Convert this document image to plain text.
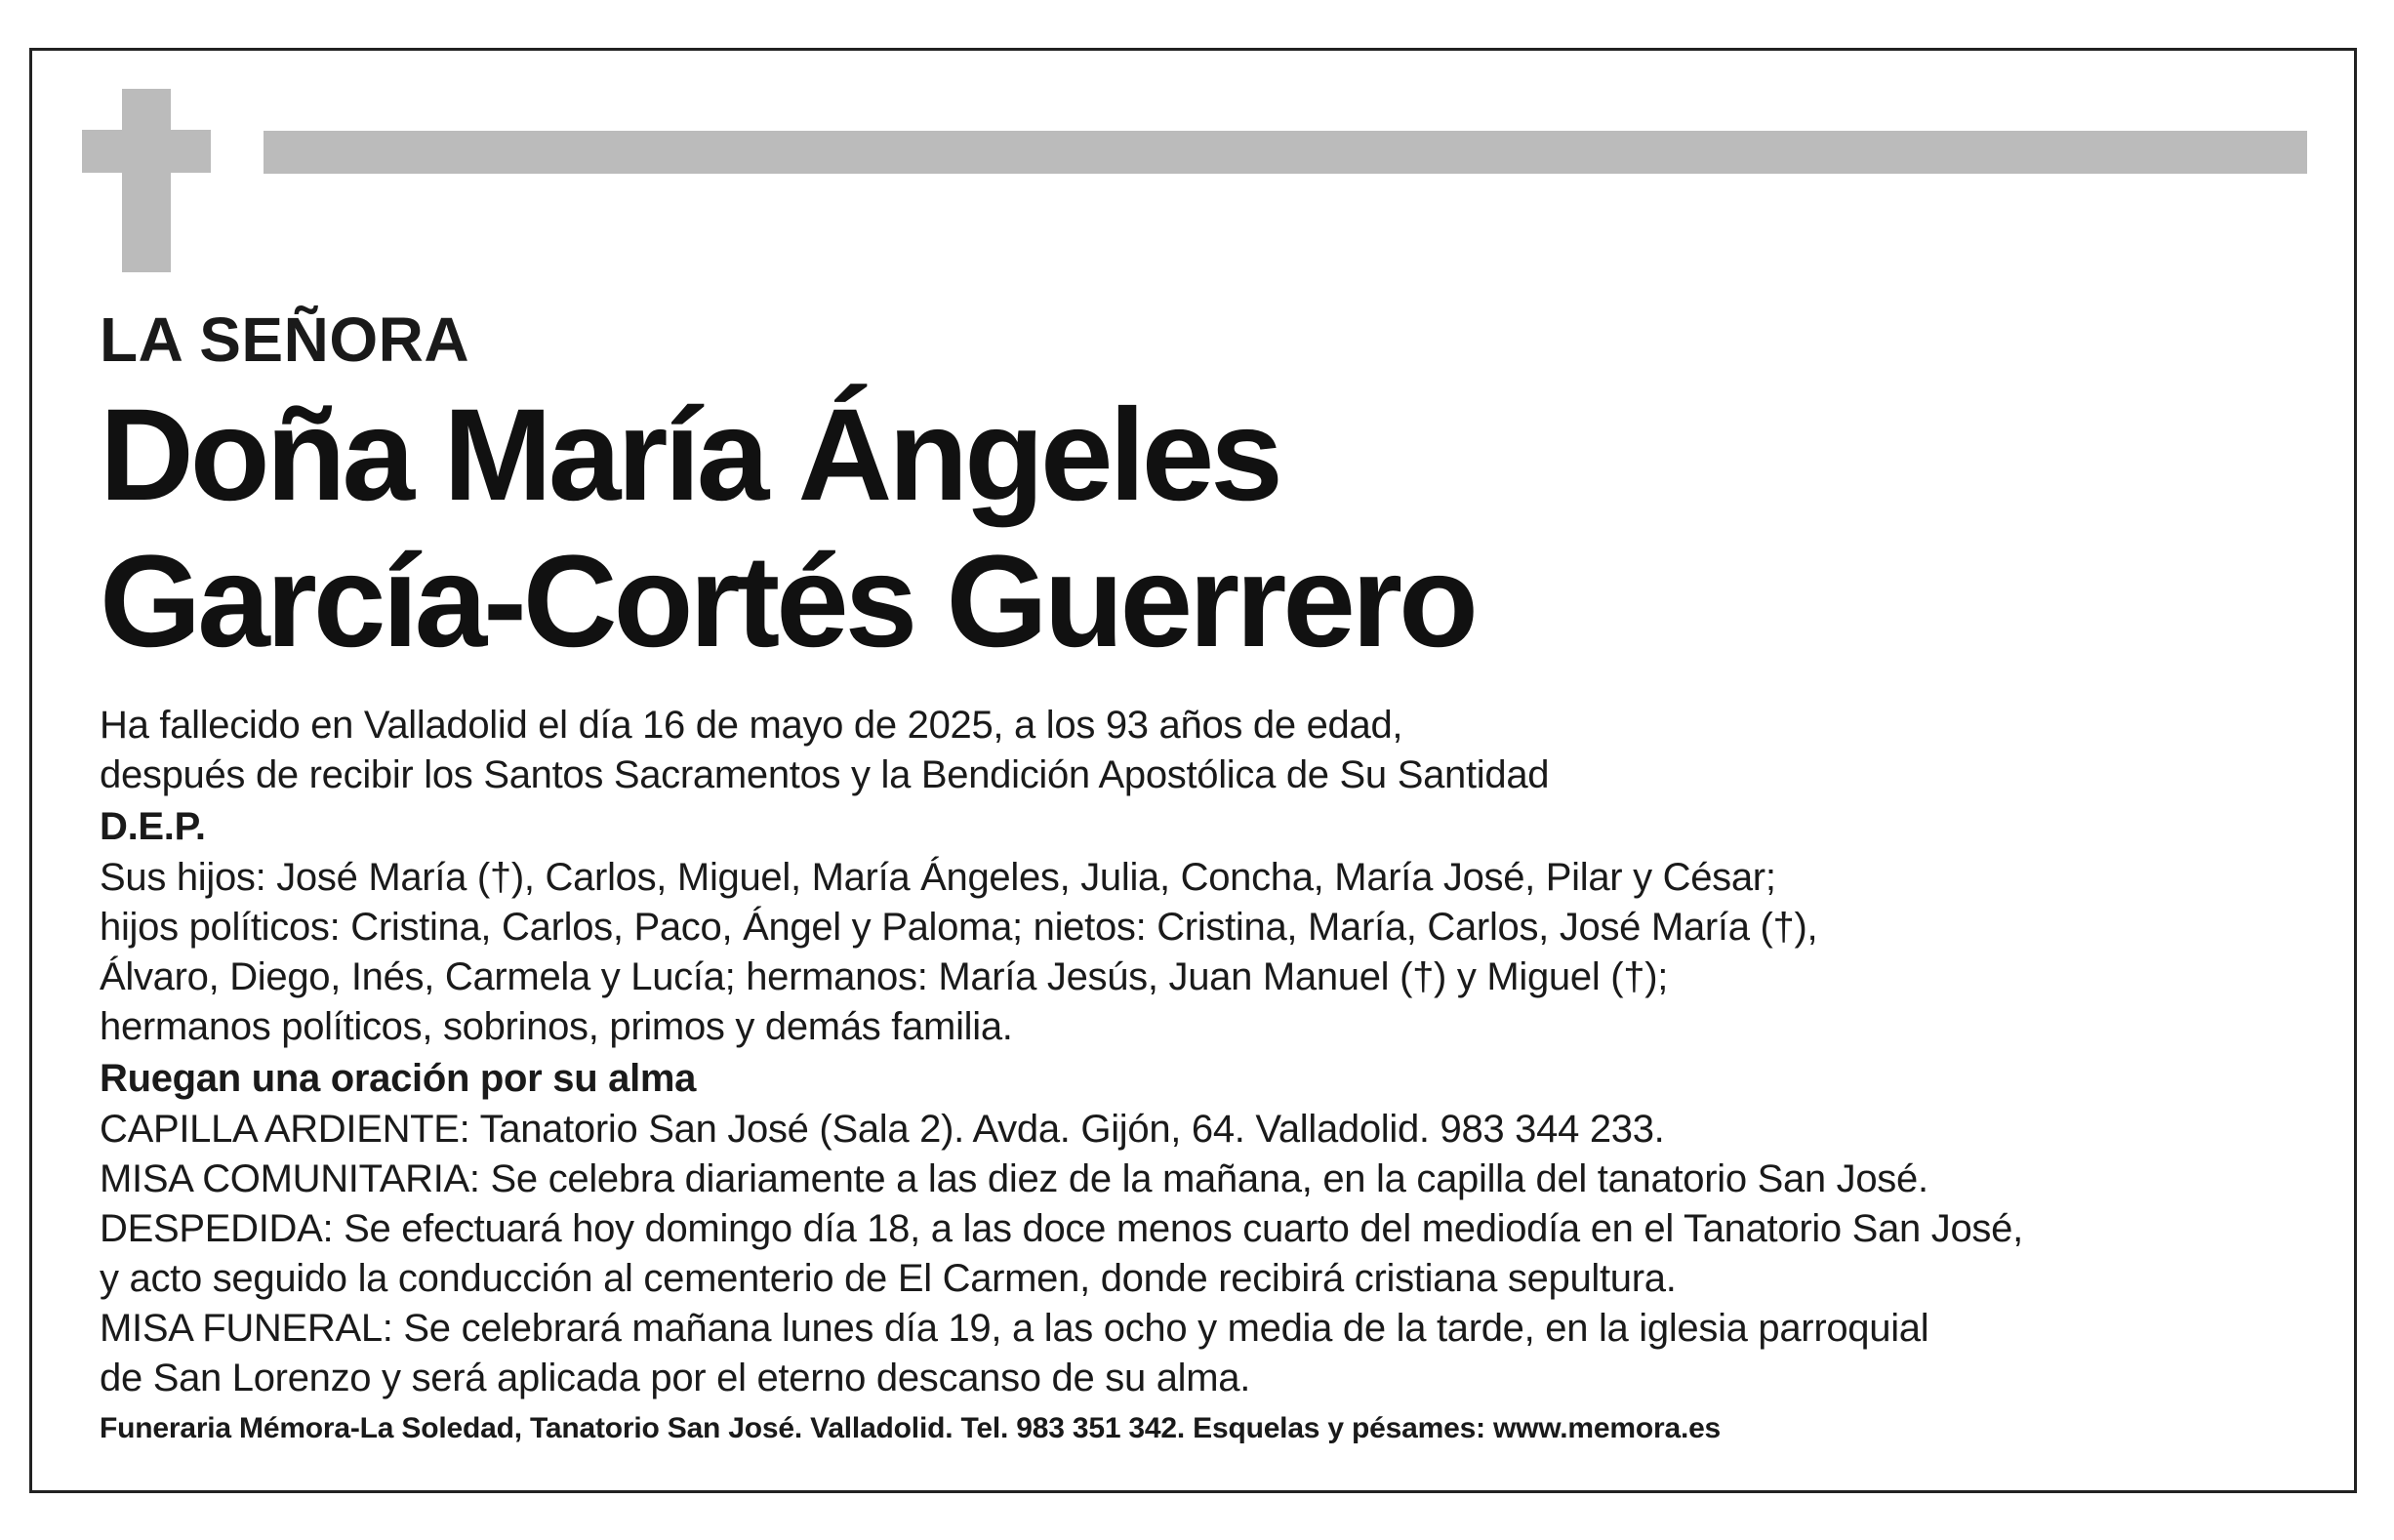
LA SEÑORA
Doña María Ángeles
García-Cortés Guerrero
Ha fallecido en Valladolid el día 16 de mayo de 2025, a los 93 años de edad,
después de recibir los Santos Sacramentos y la Bendición Apostólica de Su Santidad
D.E.P.
Sus hijos: José María (†), Carlos, Miguel, María Ángeles, Julia, Concha, María José, Pilar y César;
hijos políticos: Cristina, Carlos, Paco, Ángel y Paloma; nietos: Cristina, María, Carlos, José María (†),
Álvaro, Diego, Inés, Carmela y Lucía; hermanos: María Jesús, Juan Manuel (†) y Miguel (†);
hermanos políticos, sobrinos, primos y demás familia.
Ruegan una oración por su alma
CAPILLA ARDIENTE: Tanatorio San José (Sala 2). Avda. Gijón, 64. Valladolid. 983 344 233.
MISA COMUNITARIA: Se celebra diariamente a las diez de la mañana, en la capilla del tanatorio San José.
DESPEDIDA: Se efectuará hoy domingo día 18, a las doce menos cuarto del mediodía en el Tanatorio San José,
y acto seguido la conducción al cementerio de El Carmen, donde recibirá cristiana sepultura.
MISA FUNERAL: Se celebrará mañana lunes día 19, a las ocho y media de la tarde, en la iglesia parroquial
de San Lorenzo y será aplicada por el eterno descanso de su alma.
Funeraria Mémora-La Soledad, Tanatorio San José. Valladolid. Tel. 983 351 342. Esquelas y pésames: www.memora.es
